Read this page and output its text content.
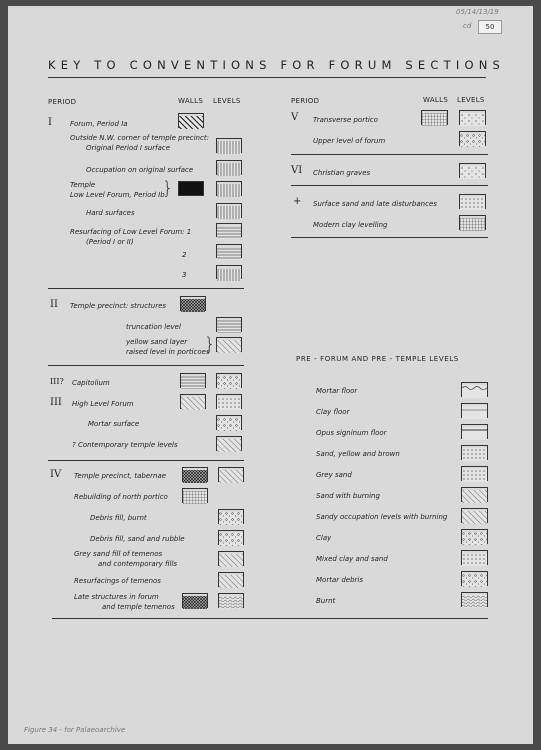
50
05/14/13/19
cd
KEY TO CONVENTIONS FOR FORUM SECTIONS
PERIOD	WALLS LEVELS	PERIOD	WALLS LEVELS
I	Forum, Period Ia
Outside N.W. corner of temple precinct:
Original Period I surface
Occupation on original surface
Temple
Low Level Forum, Period Ib
}
Hard surfaces
Resurfacing of Low Level Forum: 1
(Period I or II)
2
3
II Temple precinct: structures
truncation level
yellow sand layer
raised level in porticoes
}
III? Capitolium
III High Level Forum
Mortar surface
? Contemporary temple levels
IV Temple precinct, tabernae
Rebuilding of north portico
Debris fill, burnt
Debris fill, sand and rubble
Grey sand fill of temenos
and contemporary fills
Resurfacings of temenos
Late structures in forum
and temple temenos
V Transverse portico
Upper level of forum
VI Christian graves
+ Surface sand and late disturbances
Modern clay levelling
PRE - FORUM AND PRE - TEMPLE LEVELS
Mortar floor
Clay floor
Opus signinum floor
Sand, yellow and brown
Grey sand
Sand with burning
Sandy occupation levels with burning
Clay
Mixed clay and sand
Mortar debris
Burnt
Figure 34 - for Palaeoarchive
